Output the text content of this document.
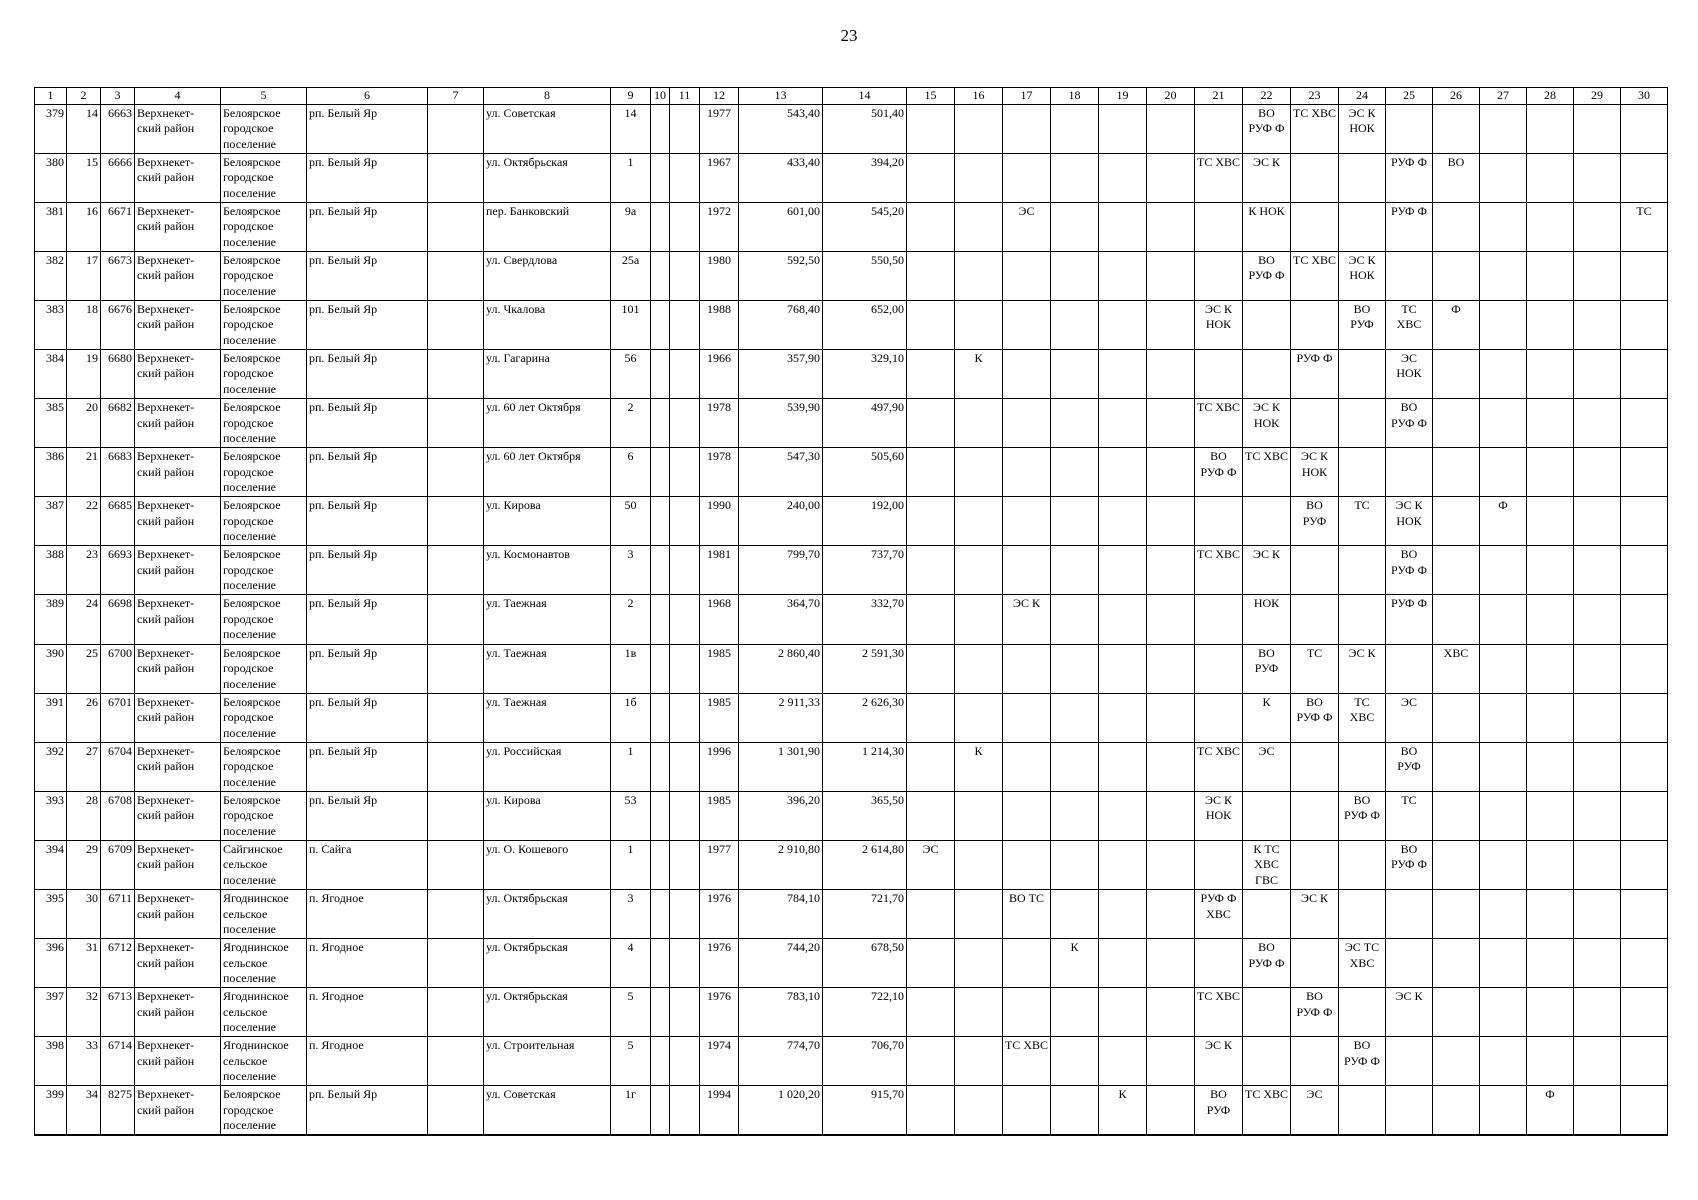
23
1	2	3	4	5	6	7	8	9	10	11	12	13	14	15	16	17	18	19	20	21	22	23	24	25	26	27	28	29	30
379	14	6663	Верхнекет-ский район	Белоярское городское поселение	рп. Белый Яр		ул. Советская	14			1977	543,40	501,40								ВО РУФ Ф	ТС ХВС	ЭС К НОК						
380	15	6666	Верхнекет-ский район	Белоярское городское поселение	рп. Белый Яр		ул. Октябрьская	1			1967	433,40	394,20							ТС ХВС	ЭС К			РУФ Ф	ВО				
381	16	6671	Верхнекет-ский район	Белоярское городское поселение	рп. Белый Яр		пер. Банковский	9а			1972	601,00	545,20			ЭС					К НОК			РУФ Ф					ТС
382	17	6673	Верхнекет-ский район	Белоярское городское поселение	рп. Белый Яр		ул. Свердлова	25а			1980	592,50	550,50								ВО РУФ Ф	ТС ХВС	ЭС К НОК						
383	18	6676	Верхнекет-ский район	Белоярское городское поселение	рп. Белый Яр		ул. Чкалова	101			1988	768,40	652,00							ЭС К НОК			ВО РУФ	ТС ХВС	Ф				
384	19	6680	Верхнекет-ский район	Белоярское городское поселение	рп. Белый Яр		ул. Гагарина	56			1966	357,90	329,10		К							РУФ Ф		ЭС НОК					
385	20	6682	Верхнекет-ский район	Белоярское городское поселение	рп. Белый Яр		ул. 60 лет Октября	2			1978	539,90	497,90							ТС ХВС	ЭС К НОК			ВО РУФ Ф					
386	21	6683	Верхнекет-ский район	Белоярское городское поселение	рп. Белый Яр		ул. 60 лет Октября	6			1978	547,30	505,60							ВО РУФ Ф	ТС ХВС	ЭС К НОК							
387	22	6685	Верхнекет-ский район	Белоярское городское поселение	рп. Белый Яр		ул. Кирова	50			1990	240,00	192,00									ВО РУФ	ТС	ЭС К НОК		Ф			
388	23	6693	Верхнекет-ский район	Белоярское городское поселение	рп. Белый Яр		ул. Космонавтов	3			1981	799,70	737,70							ТС ХВС	ЭС К			ВО РУФ Ф					
389	24	6698	Верхнекет-ский район	Белоярское городское поселение	рп. Белый Яр		ул. Таежная	2			1968	364,70	332,70			ЭС К					НОК			РУФ Ф					
390	25	6700	Верхнекет-ский район	Белоярское городское поселение	рп. Белый Яр		ул. Таежная	1в			1985	2 860,40	2 591,30								ВО РУФ	ТС	ЭС К		ХВС				
391	26	6701	Верхнекет-ский район	Белоярское городское поселение	рп. Белый Яр		ул. Таежная	1б			1985	2 911,33	2 626,30								К	ВО РУФ Ф	ТС ХВС	ЭС					
392	27	6704	Верхнекет-ский район	Белоярское городское поселение	рп. Белый Яр		ул. Российская	1			1996	1 301,90	1 214,30		К					ТС ХВС	ЭС			ВО РУФ					
393	28	6708	Верхнекет-ский район	Белоярское городское поселение	рп. Белый Яр		ул. Кирова	53			1985	396,20	365,50							ЭС К НОК			ВО РУФ Ф	ТС					
394	29	6709	Верхнекет-ский район	Сайгинское сельское поселение	п. Сайга		ул. О. Кошевого	1			1977	2 910,80	2 614,80	ЭС							К ТС ХВС ГВС			ВО РУФ Ф					
395	30	6711	Верхнекет-ский район	Ягоднинское сельское поселение	п. Ягодное		ул. Октябрьская	3			1976	784,10	721,70			ВО ТС				РУФ Ф ХВС		ЭС К							
396	31	6712	Верхнекет-ский район	Ягоднинское сельское поселение	п. Ягодное		ул. Октябрьская	4			1976	744,20	678,50				К				ВО РУФ Ф		ЭС ТС ХВС						
397	32	6713	Верхнекет-ский район	Ягоднинское сельское поселение	п. Ягодное		ул. Октябрьская	5			1976	783,10	722,10							ТС ХВС		ВО РУФ Ф		ЭС К					
398	33	6714	Верхнекет-ский район	Ягоднинское сельское поселение	п. Ягодное		ул. Строительная	5			1974	774,70	706,70			ТС ХВС				ЭС К			ВО РУФ Ф						
399	34	8275	Верхнекет-ский район	Белоярское городское поселение	рп. Белый Яр		ул. Советская	1г			1994	1 020,20	915,70					К		ВО РУФ	ТС ХВС	ЭС					Ф		
